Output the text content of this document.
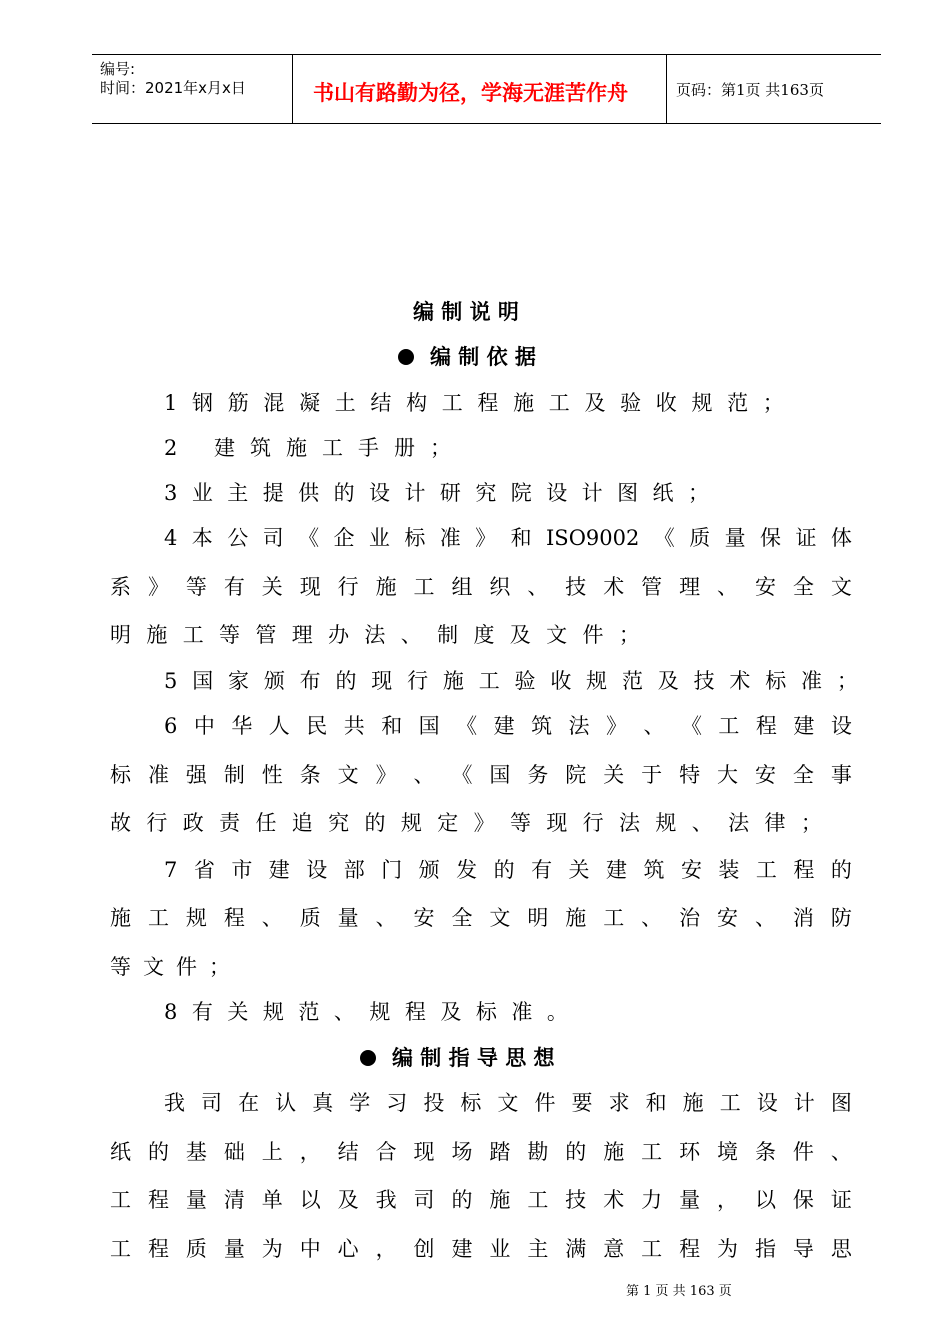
编号:
时间：2021年x月x日	书山有路勤为径，学海无涯苦作舟	页码：第1页 共163页
编 制 说 明
编 制 依 据
1 钢 筋 混 凝 土 结 构 工 程 施 工 及 验 收 规 范 ；
2 建筑施工手册；
3 业 主 提 供 的 设 计 研 究 院 设 计 图 纸 ；
4 本 公 司 《 企 业 标 准 》 和 ISO9002 《 质 量 保 证 体
系 》 等 有 关 现 行 施 工 组 织 、 技 术 管 理 、 安 全 文
明 施 工 等 管 理 办 法 、 制 度 及 文 件 ；
5 国 家 颁 布 的 现 行 施 工 验 收 规 范 及 技 术 标 准 ；
6 中 华 人 民 共 和 国 《 建 筑 法 》 、 《 工 程 建 设
标 准 强 制 性 条 文 》 、 《 国 务 院 关 于 特 大 安 全 事
故 行 政 责 任 追 究 的 规 定 》 等 现 行 法 规 、 法 律 ；
7 省 市 建 设 部 门 颁 发 的 有 关 建 筑 安 装 工 程 的
施 工 规 程 、 质 量 、 安 全 文 明 施 工 、 治 安 、 消 防
等 文 件 ；
8 有 关 规 范 、 规 程 及 标 准 。
编 制 指 导 思 想
我 司 在 认 真 学 习 投 标 文 件 要 求 和 施 工 设 计 图
纸 的 基 础 上 ， 结 合 现 场 踏 勘 的 施 工 环 境 条 件 、
工 程 量 清 单 以 及 我 司 的 施 工 技 术 力 量 ， 以 保 证
工 程 质 量 为 中 心 ， 创 建 业 主 满 意 工 程 为 指 导 思
第 1 页 共 163 页
